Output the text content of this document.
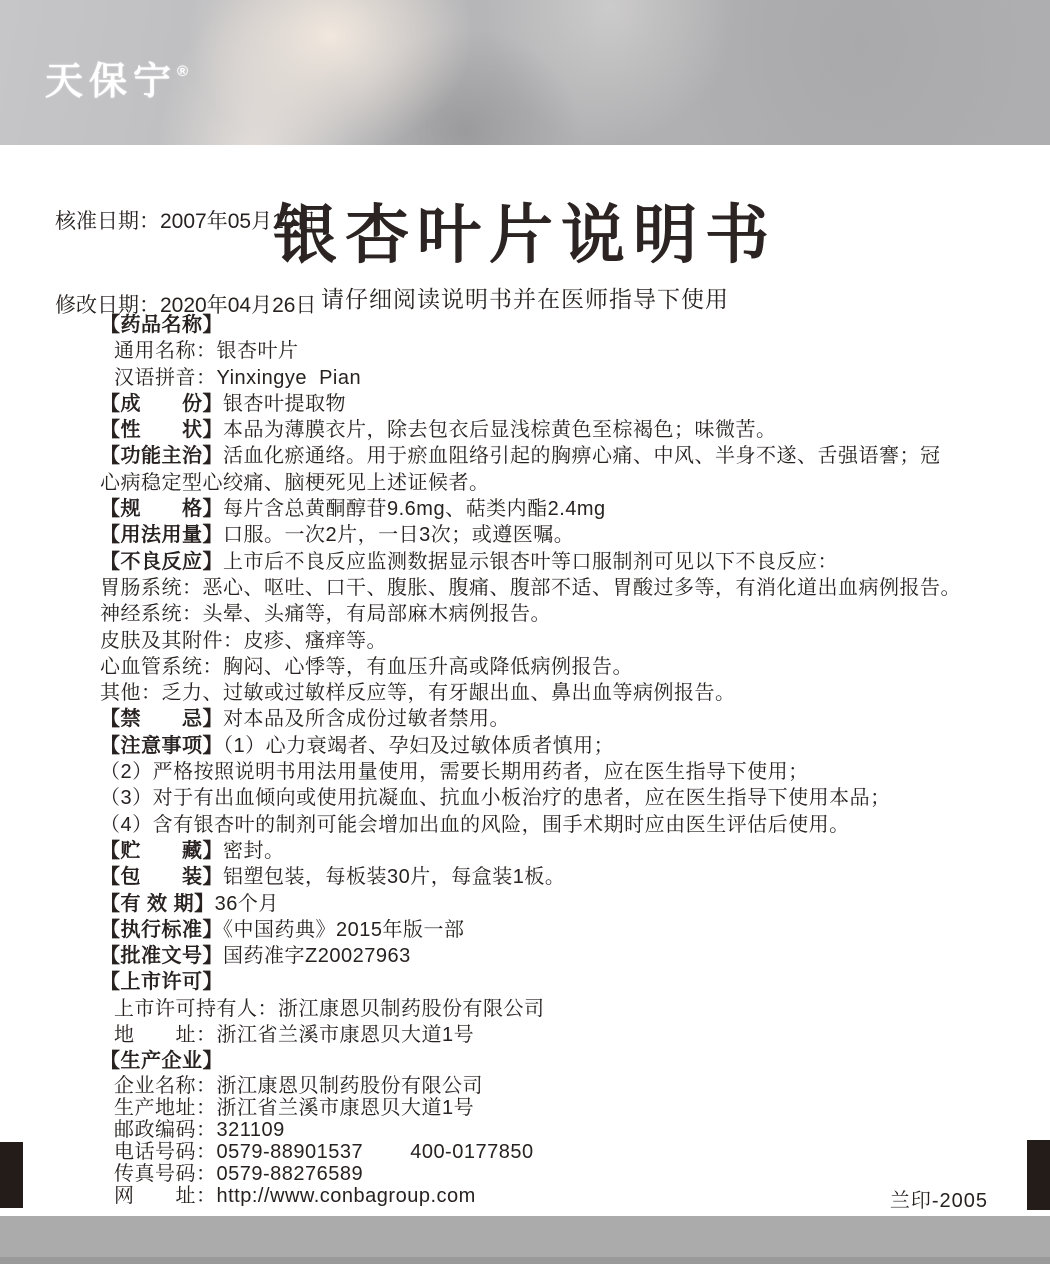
天保宁®

核准日期：2007年05月10日

修改日期：2020年04月26日

银杏叶片说明书
请仔细阅读说明书并在医师指导下使用
【药品名称】
通用名称：银杏叶片
汉语拼音：Yinxingye  Pian
【成　　份】银杏叶提取物
【性　　状】本品为薄膜衣片，除去包衣后显浅棕黄色至棕褐色；味微苦。
【功能主治】活血化瘀通络。用于瘀血阻络引起的胸痹心痛、中风、半身不遂、舌强语謇；冠
心病稳定型心绞痛、脑梗死见上述证候者。
【规　　格】每片含总黄酮醇苷9.6mg、萜类内酯2.4mg
【用法用量】口服。一次2片，一日3次；或遵医嘱。
【不良反应】上市后不良反应监测数据显示银杏叶等口服制剂可见以下不良反应：
胃肠系统：恶心、呕吐、口干、腹胀、腹痛、腹部不适、胃酸过多等，有消化道出血病例报告。
神经系统：头晕、头痛等，有局部麻木病例报告。
皮肤及其附件：皮疹、瘙痒等。
心血管系统：胸闷、心悸等，有血压升高或降低病例报告。
其他：乏力、过敏或过敏样反应等，有牙龈出血、鼻出血等病例报告。
【禁　　忌】对本品及所含成份过敏者禁用。
【注意事项】（1）心力衰竭者、孕妇及过敏体质者慎用；
（2）严格按照说明书用法用量使用，需要长期用药者，应在医生指导下使用；
（3）对于有出血倾向或使用抗凝血、抗血小板治疗的患者，应在医生指导下使用本品；
（4）含有银杏叶的制剂可能会增加出血的风险，围手术期时应由医生评估后使用。
【贮　　藏】密封。
【包　　装】铝塑包装，每板装30片，每盒装1板。
【有 效 期】36个月
【执行标准】《中国药典》2015年版一部
【批准文号】国药准字Z20027963
【上市许可】
上市许可持有人：浙江康恩贝制药股份有限公司
地　　址：浙江省兰溪市康恩贝大道1号
【生产企业】
企业名称：浙江康恩贝制药股份有限公司
生产地址：浙江省兰溪市康恩贝大道1号
邮政编码：321109
电话号码：0579-88901537　　 400-0177850
传真号码：0579-88276589
网　　址：http://www.conbagroup.com	兰印-2005
